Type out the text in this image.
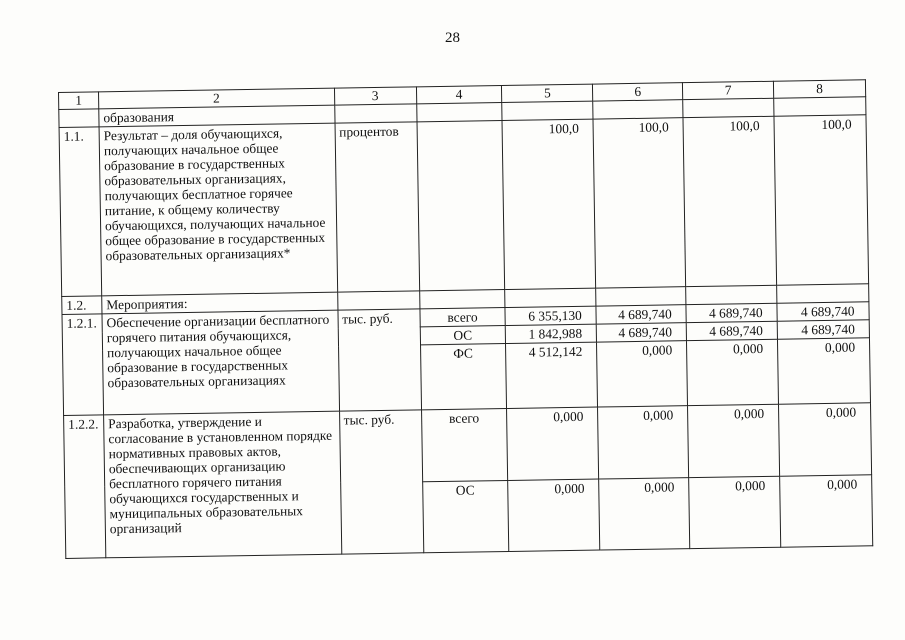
28
1	2	3	4	5	6	7	8
	образования						
1.1.	Результат – доля обучающихся, получающих начальное общее образование в государственных образовательных организациях, получающих бесплатное горячее питание, к общему количеству обучающихся, получающих начальное общее образование в государственных образовательных организациях*	процентов		100,0	100,0	100,0	100,0
1.2.	Мероприятия:						
1.2.1.	Обеспечение организации бесплатного горячего питания обучающихся, получающих начальное общее образование в государственных образовательных организациях	тыс. руб.	всего	6 355,130	4 689,740	4 689,740	4 689,740
			ОС	1 842,988	4 689,740	4 689,740	4 689,740
			ФС	4 512,142	0,000	0,000	0,000
1.2.2.	Разработка, утверждение и согласование в установленном порядке нормативных правовых актов, обеспечивающих организацию бесплатного горячего питания обучающихся государственных и муниципальных образовательных организаций	тыс. руб.	всего	0,000	0,000	0,000	0,000
			ОС	0,000	0,000	0,000	0,000
